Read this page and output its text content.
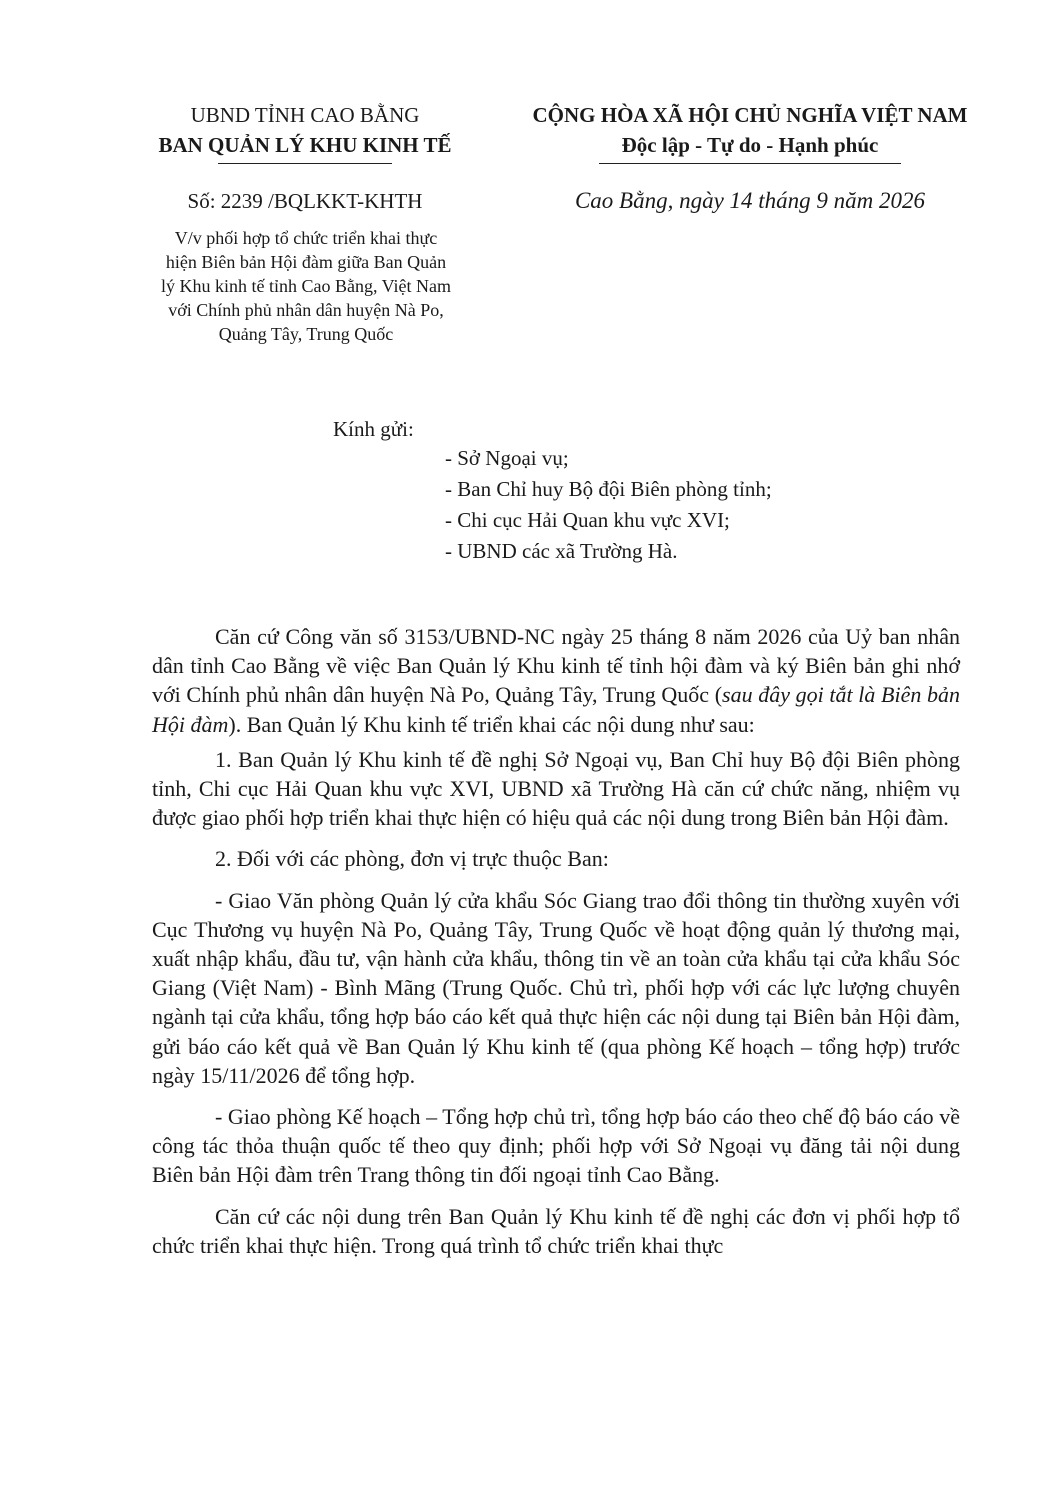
UBND TỈNH CAO BẰNG
BAN QUẢN LÝ KHU KINH TẾ
CỘNG HÒA XÃ HỘI CHỦ NGHĨA VIỆT NAM
Độc lập - Tự do - Hạnh phúc
Số: 2239 /BQLKKT-KHTH
V/v phối hợp tổ chức triển khai thực
hiện Biên bản Hội đàm giữa Ban Quản
lý Khu kinh tế tỉnh Cao Bằng, Việt Nam
với Chính phủ nhân dân huyện Nà Po,
Quảng Tây, Trung Quốc
Cao Bằng, ngày 14 tháng 9 năm 2026
Kính gửi:
- Sở Ngoại vụ;
- Ban Chỉ huy Bộ đội Biên phòng tỉnh;
- Chi cục Hải Quan khu vực XVI;
- UBND các xã Trường Hà.

Căn cứ Công văn số 3153/UBND-NC ngày 25 tháng 8 năm 2026 của Uỷ ban nhân dân tỉnh Cao Bằng về việc Ban Quản lý Khu kinh tế tỉnh hội đàm và ký Biên bản ghi nhớ với Chính phủ nhân dân huyện Nà Po, Quảng Tây, Trung Quốc (sau đây gọi tắt là Biên bản Hội đàm). Ban Quản lý Khu kinh tế triển khai các nội dung như sau:

1. Ban Quản lý Khu kinh tế đề nghị Sở Ngoại vụ, Ban Chỉ huy Bộ đội Biên phòng tỉnh, Chi cục Hải Quan khu vực XVI, UBND xã Trường Hà căn cứ chức năng, nhiệm vụ được giao phối hợp triển khai thực hiện có hiệu quả các nội dung trong Biên bản Hội đàm.

2. Đối với các phòng, đơn vị trực thuộc Ban:

- Giao Văn phòng Quản lý cửa khẩu Sóc Giang trao đổi thông tin thường xuyên với Cục Thương vụ huyện Nà Po, Quảng Tây, Trung Quốc về hoạt động quản lý thương mại, xuất nhập khẩu, đầu tư, vận hành cửa khẩu, thông tin về an toàn cửa khẩu tại cửa khẩu Sóc Giang (Việt Nam) - Bình Mãng (Trung Quốc. Chủ trì, phối hợp với các lực lượng chuyên ngành tại cửa khẩu, tổng hợp báo cáo kết quả thực hiện các nội dung tại Biên bản Hội đàm, gửi báo cáo kết quả về Ban Quản lý Khu kinh tế (qua phòng Kế hoạch – tổng hợp) trước ngày 15/11/2026 để tổng hợp.

- Giao phòng Kế hoạch – Tổng hợp chủ trì, tổng hợp báo cáo theo chế độ báo cáo về công tác thỏa thuận quốc tế theo quy định; phối hợp với Sở Ngoại vụ đăng tải nội dung Biên bản Hội đàm trên Trang thông tin đối ngoại tỉnh Cao Bằng.

Căn cứ các nội dung trên Ban Quản lý Khu kinh tế đề nghị các đơn vị phối hợp tổ chức triển khai thực hiện. Trong quá trình tổ chức triển khai thực
